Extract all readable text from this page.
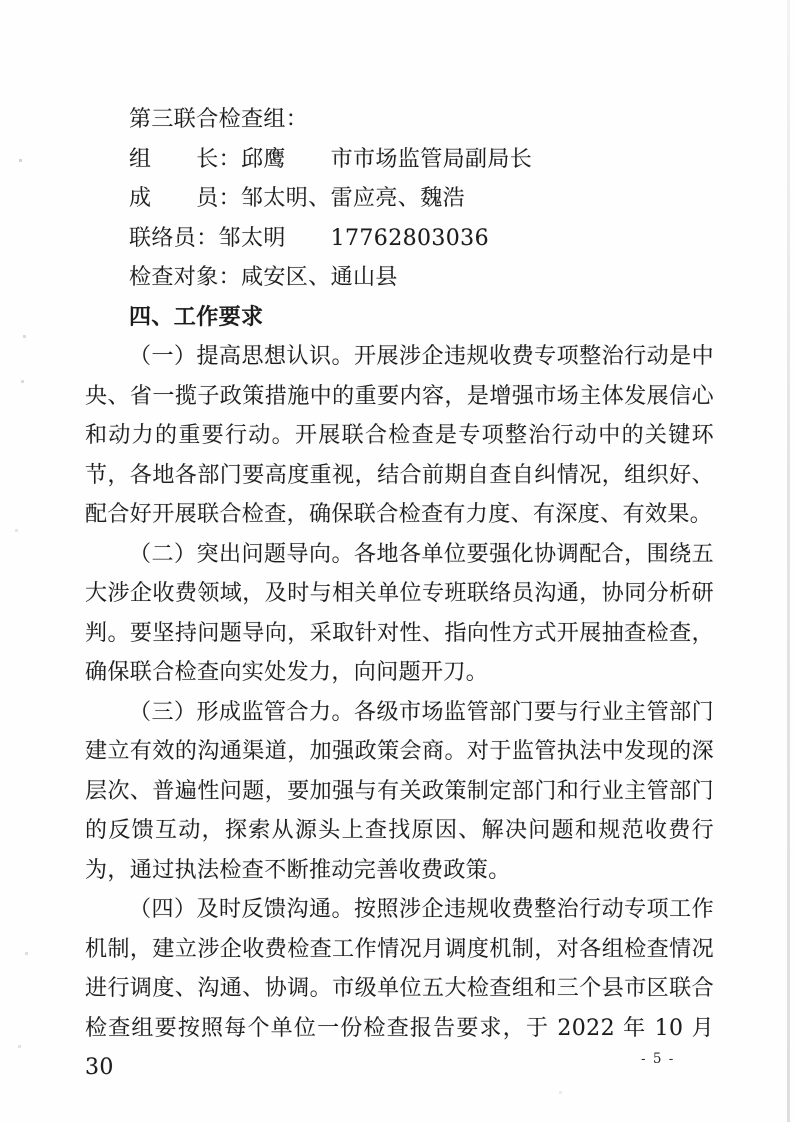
第三联合检查组：

组　　长：邱鹰　　市市场监管局副局长

成　　员：邹太明、雷应亮、魏浩

联络员：邹太明　　17762803036

检查对象：咸安区、通山县

四、工作要求

（一）提高思想认识。开展涉企违规收费专项整治行动是中央、省一揽子政策措施中的重要内容，是增强市场主体发展信心和动力的重要行动。开展联合检查是专项整治行动中的关键环节，各地各部门要高度重视，结合前期自查自纠情况，组织好、配合好开展联合检查，确保联合检查有力度、有深度、有效果。

（二）突出问题导向。各地各单位要强化协调配合，围绕五大涉企收费领域，及时与相关单位专班联络员沟通，协同分析研判。要坚持问题导向，采取针对性、指向性方式开展抽查检查，确保联合检查向实处发力，向问题开刀。

（三）形成监管合力。各级市场监管部门要与行业主管部门建立有效的沟通渠道，加强政策会商。对于监管执法中发现的深层次、普遍性问题，要加强与有关政策制定部门和行业主管部门的反馈互动，探索从源头上查找原因、解决问题和规范收费行为，通过执法检查不断推动完善收费政策。

（四）及时反馈沟通。按照涉企违规收费整治行动专项工作机制，建立涉企收费检查工作情况月调度机制，对各组检查情况进行调度、沟通、协调。市级单位五大检查组和三个县市区联合检查组要按照每个单位一份检查报告要求，于 2022 年 10 月 30	- 5 -
